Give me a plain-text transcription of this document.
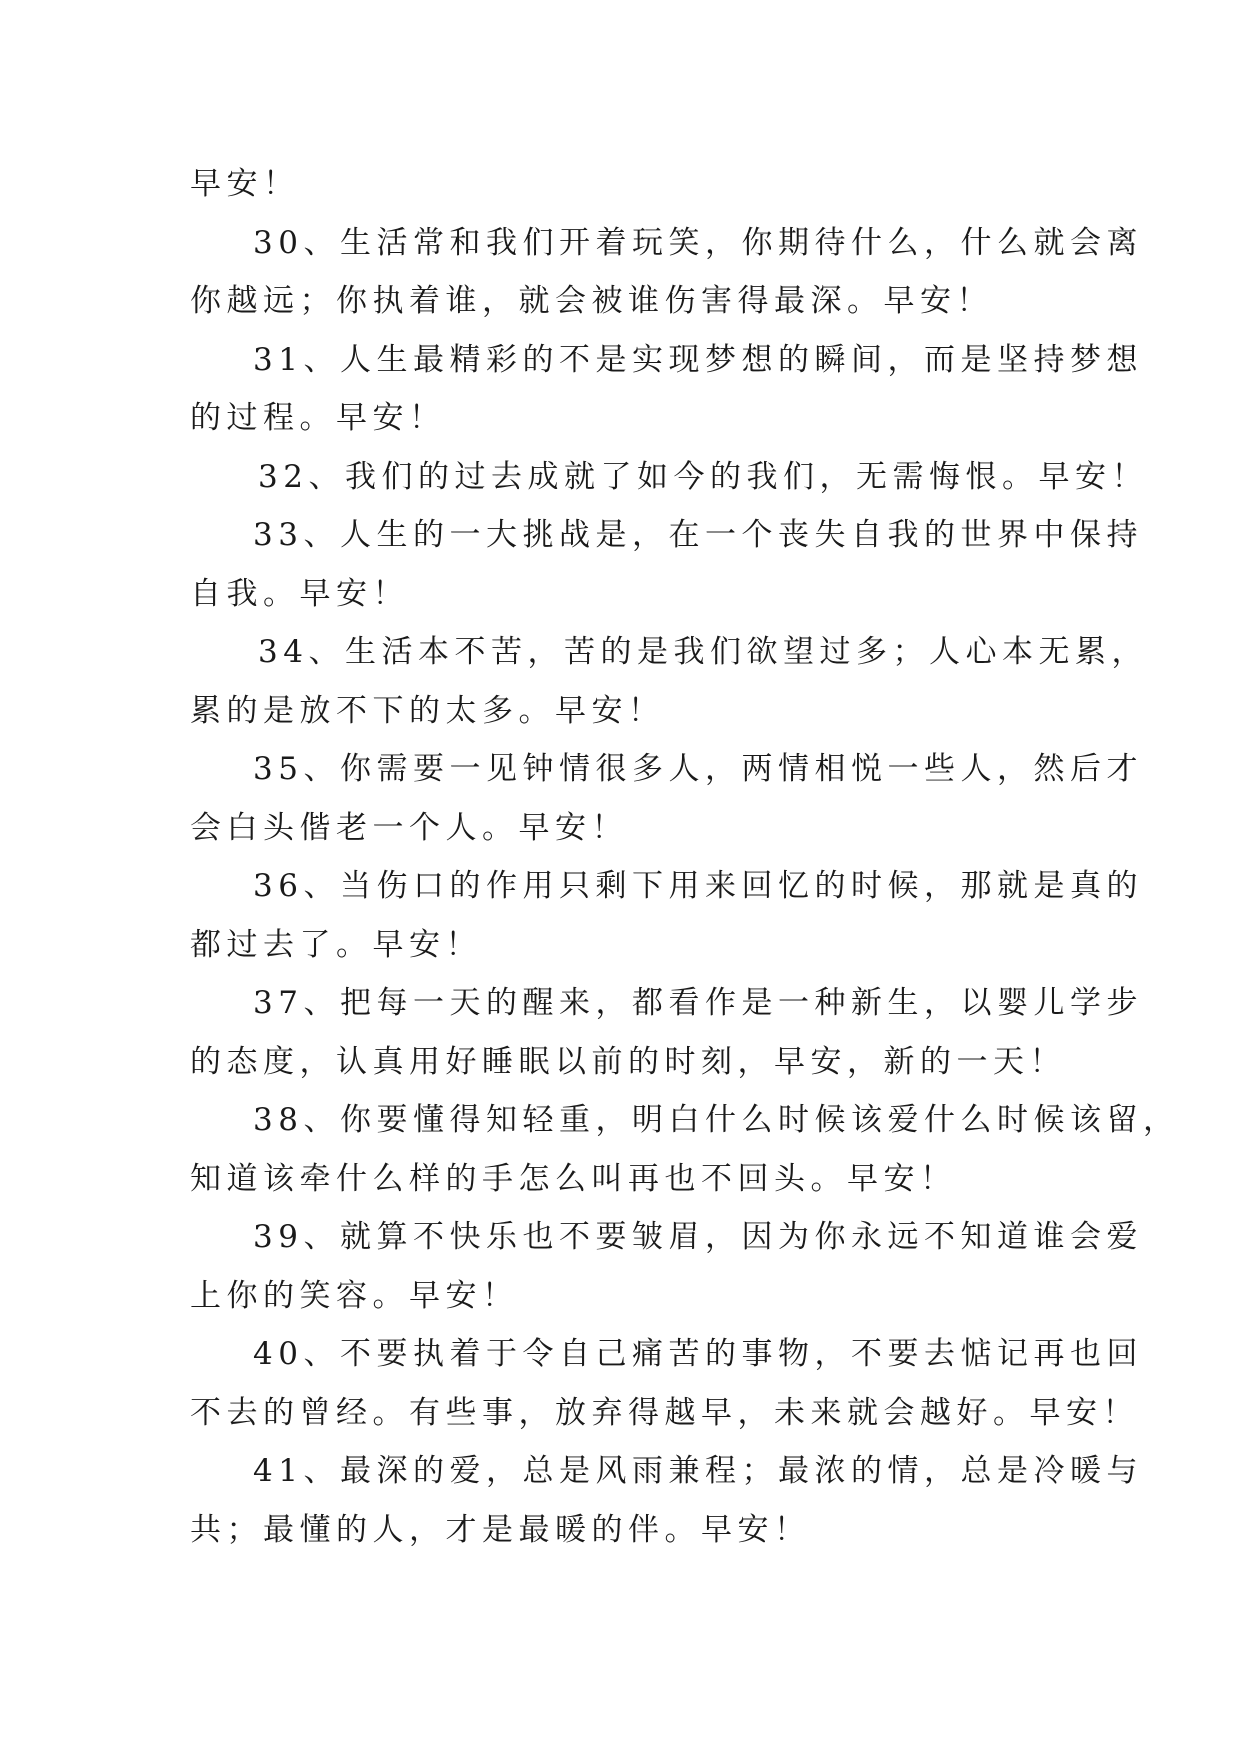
早安！
30、生活常和我们开着玩笑，你期待什么，什么就会离
你越远；你执着谁，就会被谁伤害得最深。早安！
31、人生最精彩的不是实现梦想的瞬间，而是坚持梦想
的过程。早安！
32、我们的过去成就了如今的我们，无需悔恨。早安！
33、人生的一大挑战是，在一个丧失自我的世界中保持
自我。早安！
34、生活本不苦，苦的是我们欲望过多；人心本无累，
累的是放不下的太多。早安！
35、你需要一见钟情很多人，两情相悦一些人，然后才
会白头偕老一个人。早安！
36、当伤口的作用只剩下用来回忆的时候，那就是真的
都过去了。早安！
37、把每一天的醒来，都看作是一种新生，以婴儿学步
的态度，认真用好睡眠以前的时刻，早安，新的一天！
38、你要懂得知轻重，明白什么时候该爱什么时候该留，
知道该牵什么样的手怎么叫再也不回头。早安！
39、就算不快乐也不要皱眉，因为你永远不知道谁会爱
上你的笑容。早安！
40、不要执着于令自己痛苦的事物，不要去惦记再也回
不去的曾经。有些事，放弃得越早，未来就会越好。早安！
41、最深的爱，总是风雨兼程；最浓的情，总是冷暖与
共；最懂的人，才是最暖的伴。早安！
